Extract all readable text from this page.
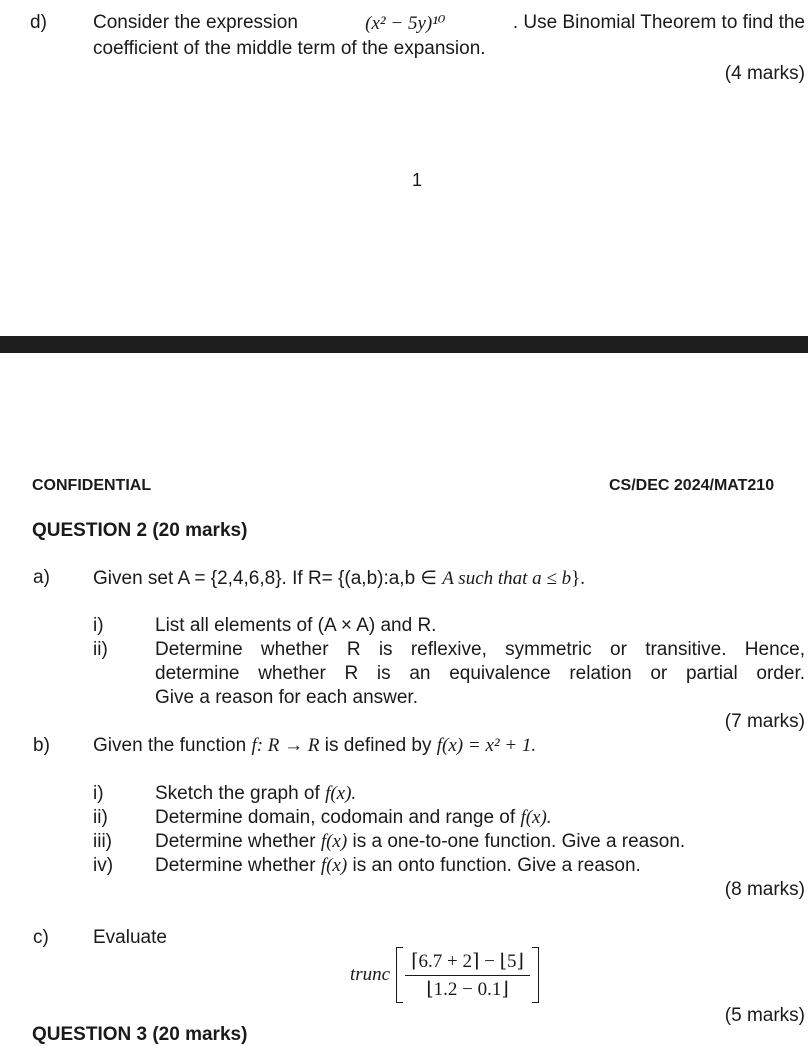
d) Consider the expression	(x² − 5y)¹⁰	. Use Binomial Theorem to find the
coefficient of the middle term of the expansion.
(4 marks)
1
CONFIDENTIAL	CS/DEC 2024/MAT210
QUESTION 2 (20 marks)
a) Given set A = {2,4,6,8}. If R= {(a,b):a,b ∈ A such that a ≤ b}.
i)	List all elements of (A × A) and R.
ii) Determine whether R is reflexive, symmetric or transitive. Hence,
determine whether R is an equivalence relation or partial order.
Give a reason for each answer.
(7 marks)
b) Given the function f: R → R is defined by f(x) = x² + 1.
i)	Sketch the graph of f(x).
ii) Determine domain, codomain and range of f(x).
iii) Determine whether f(x) is a one-to-one function. Give a reason.
iv) Determine whether f(x) is an onto function. Give a reason.
(8 marks)
c) Evaluate
trunc $\frac{⌈6.7 + 2⌉ - ⌊5⌋}{⌊1.2 - 0.1⌋}$
(5 marks)
QUESTION 3 (20 marks)
